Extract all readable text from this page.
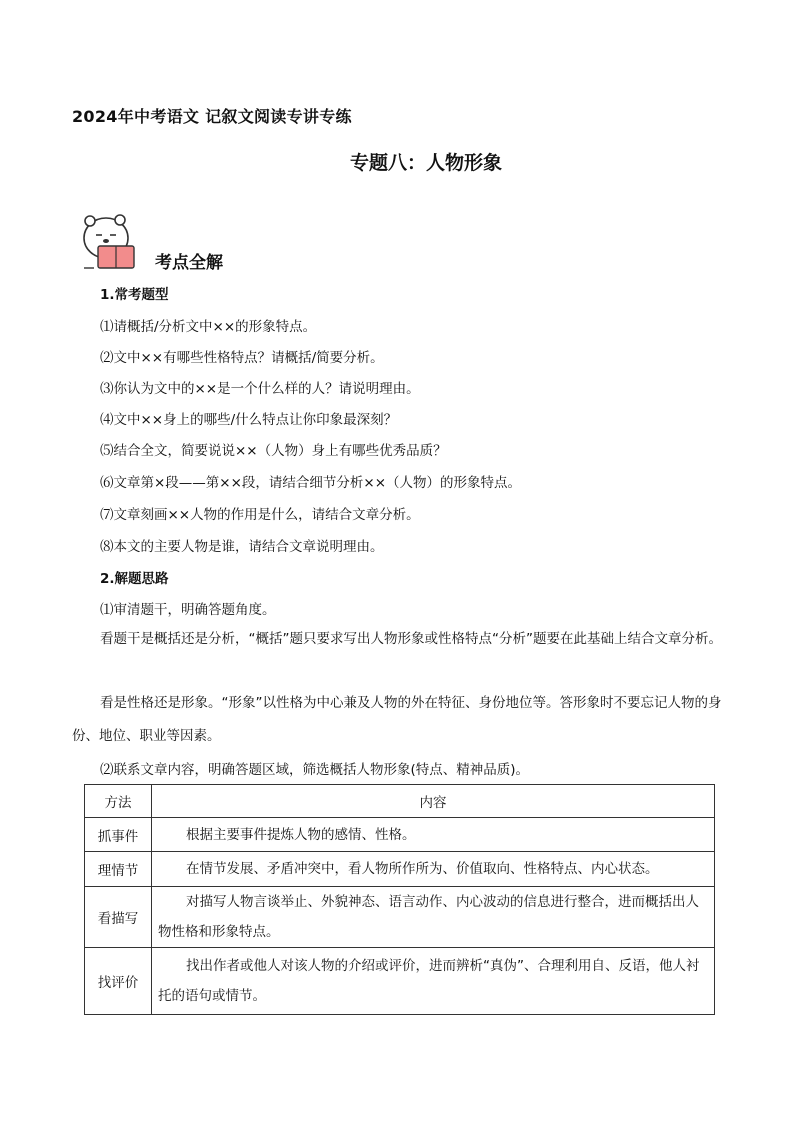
2024年中考语文 记叙文阅读专讲专练
专题八：人物形象
考点全解
1.常考题型
⑴请概括/分析文中××的形象特点。
⑵文中××有哪些性格特点？请概括/简要分析。
⑶你认为文中的××是一个什么样的人？请说明理由。
⑷文中××身上的哪些/什么特点让你印象最深刻？
⑸结合全文，简要说说××（人物）身上有哪些优秀品质？
⑹文章第×段——第××段，请结合细节分析××（人物）的形象特点。
⑺文章刻画××人物的作用是什么，请结合文章分析。
⑻本文的主要人物是谁，请结合文章说明理由。
2.解题思路
⑴审清题干，明确答题角度。
看题干是概括还是分析，“概括”题只要求写出人物形象或性格特点“分析”题要在此基础上结合文章分析。
看是性格还是形象。“形象”以性格为中心兼及人物的外在特征、身份地位等。答形象时不要忘记人物的身份、地位、职业等因素。
⑵联系文章内容，明确答题区域，筛选概括人物形象(特点、精神品质)。
方法	内容
抓事件	根据主要事件提炼人物的感情、性格。

理情节	在情节发展、矛盾冲突中，看人物所作所为、价值取向、性格特点、内心状态。

看描写	对描写人物言谈举止、外貌神态、语言动作、内心波动的信息进行整合，进而概括出人物性格和形象特点。

找评价	找出作者或他人对该人物的介绍或评价，进而辨析“真伪”、合理利用自、反语，他人衬托的语句或情节。
